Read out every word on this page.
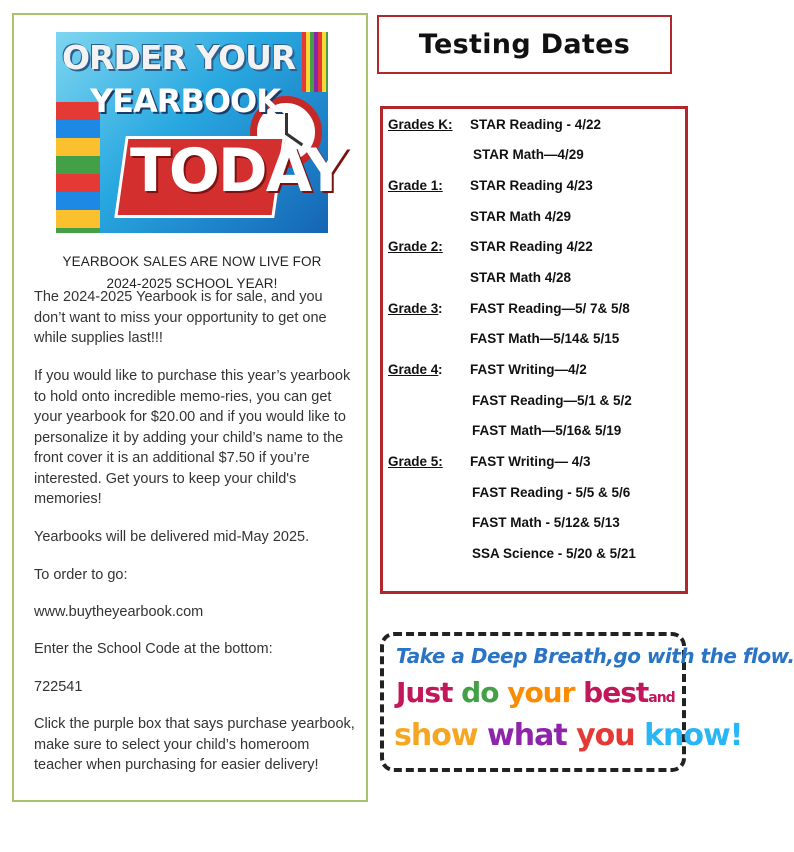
ORDER YOUR
YEARBOOK
TODAY
YEARBOOK SALES ARE NOW LIVE FOR
2024-2025 SCHOOL YEAR!

The 2024-2025 Yearbook is for sale, and you don’t want to miss your opportunity to get one while supplies last!!!

If you would like to purchase this year’s yearbook to hold onto incredible memo-ries, you can get your yearbook for $20.00 and if you would like to personalize it by adding your child’s name to the front cover it is an additional $7.50 if you’re interested. Get yours to keep your child's memories!

Yearbooks will be delivered mid-May 2025.

To order to go:

www.buytheyearbook.com

Enter the School Code at the bottom:

722541

Click the purple box that says purchase yearbook, make sure to select your child’s homeroom teacher when purchasing for easier delivery!

Testing Dates
Grades K: STAR Reading - 4/22
STAR Math—4/29
Grade 1: STAR Reading 4/23
STAR Math 4/29
Grade 2: STAR Reading 4/22
STAR Math 4/28
Grade 3 : FAST Reading—5/ 7& 5/8
FAST Math—5/14& 5/15
Grade 4 : FAST Writing—4/2
FAST Reading—5/1 & 5/2
FAST Math—5/16& 5/19
Grade 5: FAST Writing— 4/3
FAST Reading - 5/5 & 5/6
FAST Math - 5/12& 5/13
SSA Science - 5/20 & 5/21
Take a Deep Breath,go with the flow.
Just do your bestand
show what you know!
